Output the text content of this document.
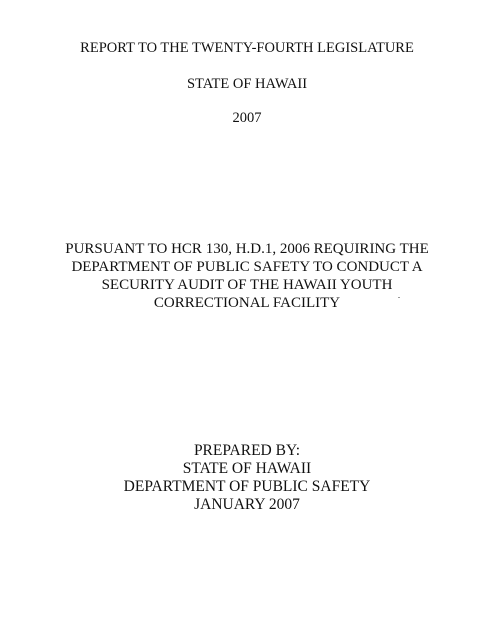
REPORT TO THE TWENTY-FOURTH LEGISLATURE
STATE OF HAWAII
2007
PURSUANT TO HCR 130, H.D.1, 2006 REQUIRING THE
DEPARTMENT OF PUBLIC SAFETY TO CONDUCT A
SECURITY AUDIT OF THE HAWAII YOUTH
CORRECTIONAL FACILITY
PREPARED BY:
STATE OF HAWAII
DEPARTMENT OF PUBLIC SAFETY
JANUARY 2007
